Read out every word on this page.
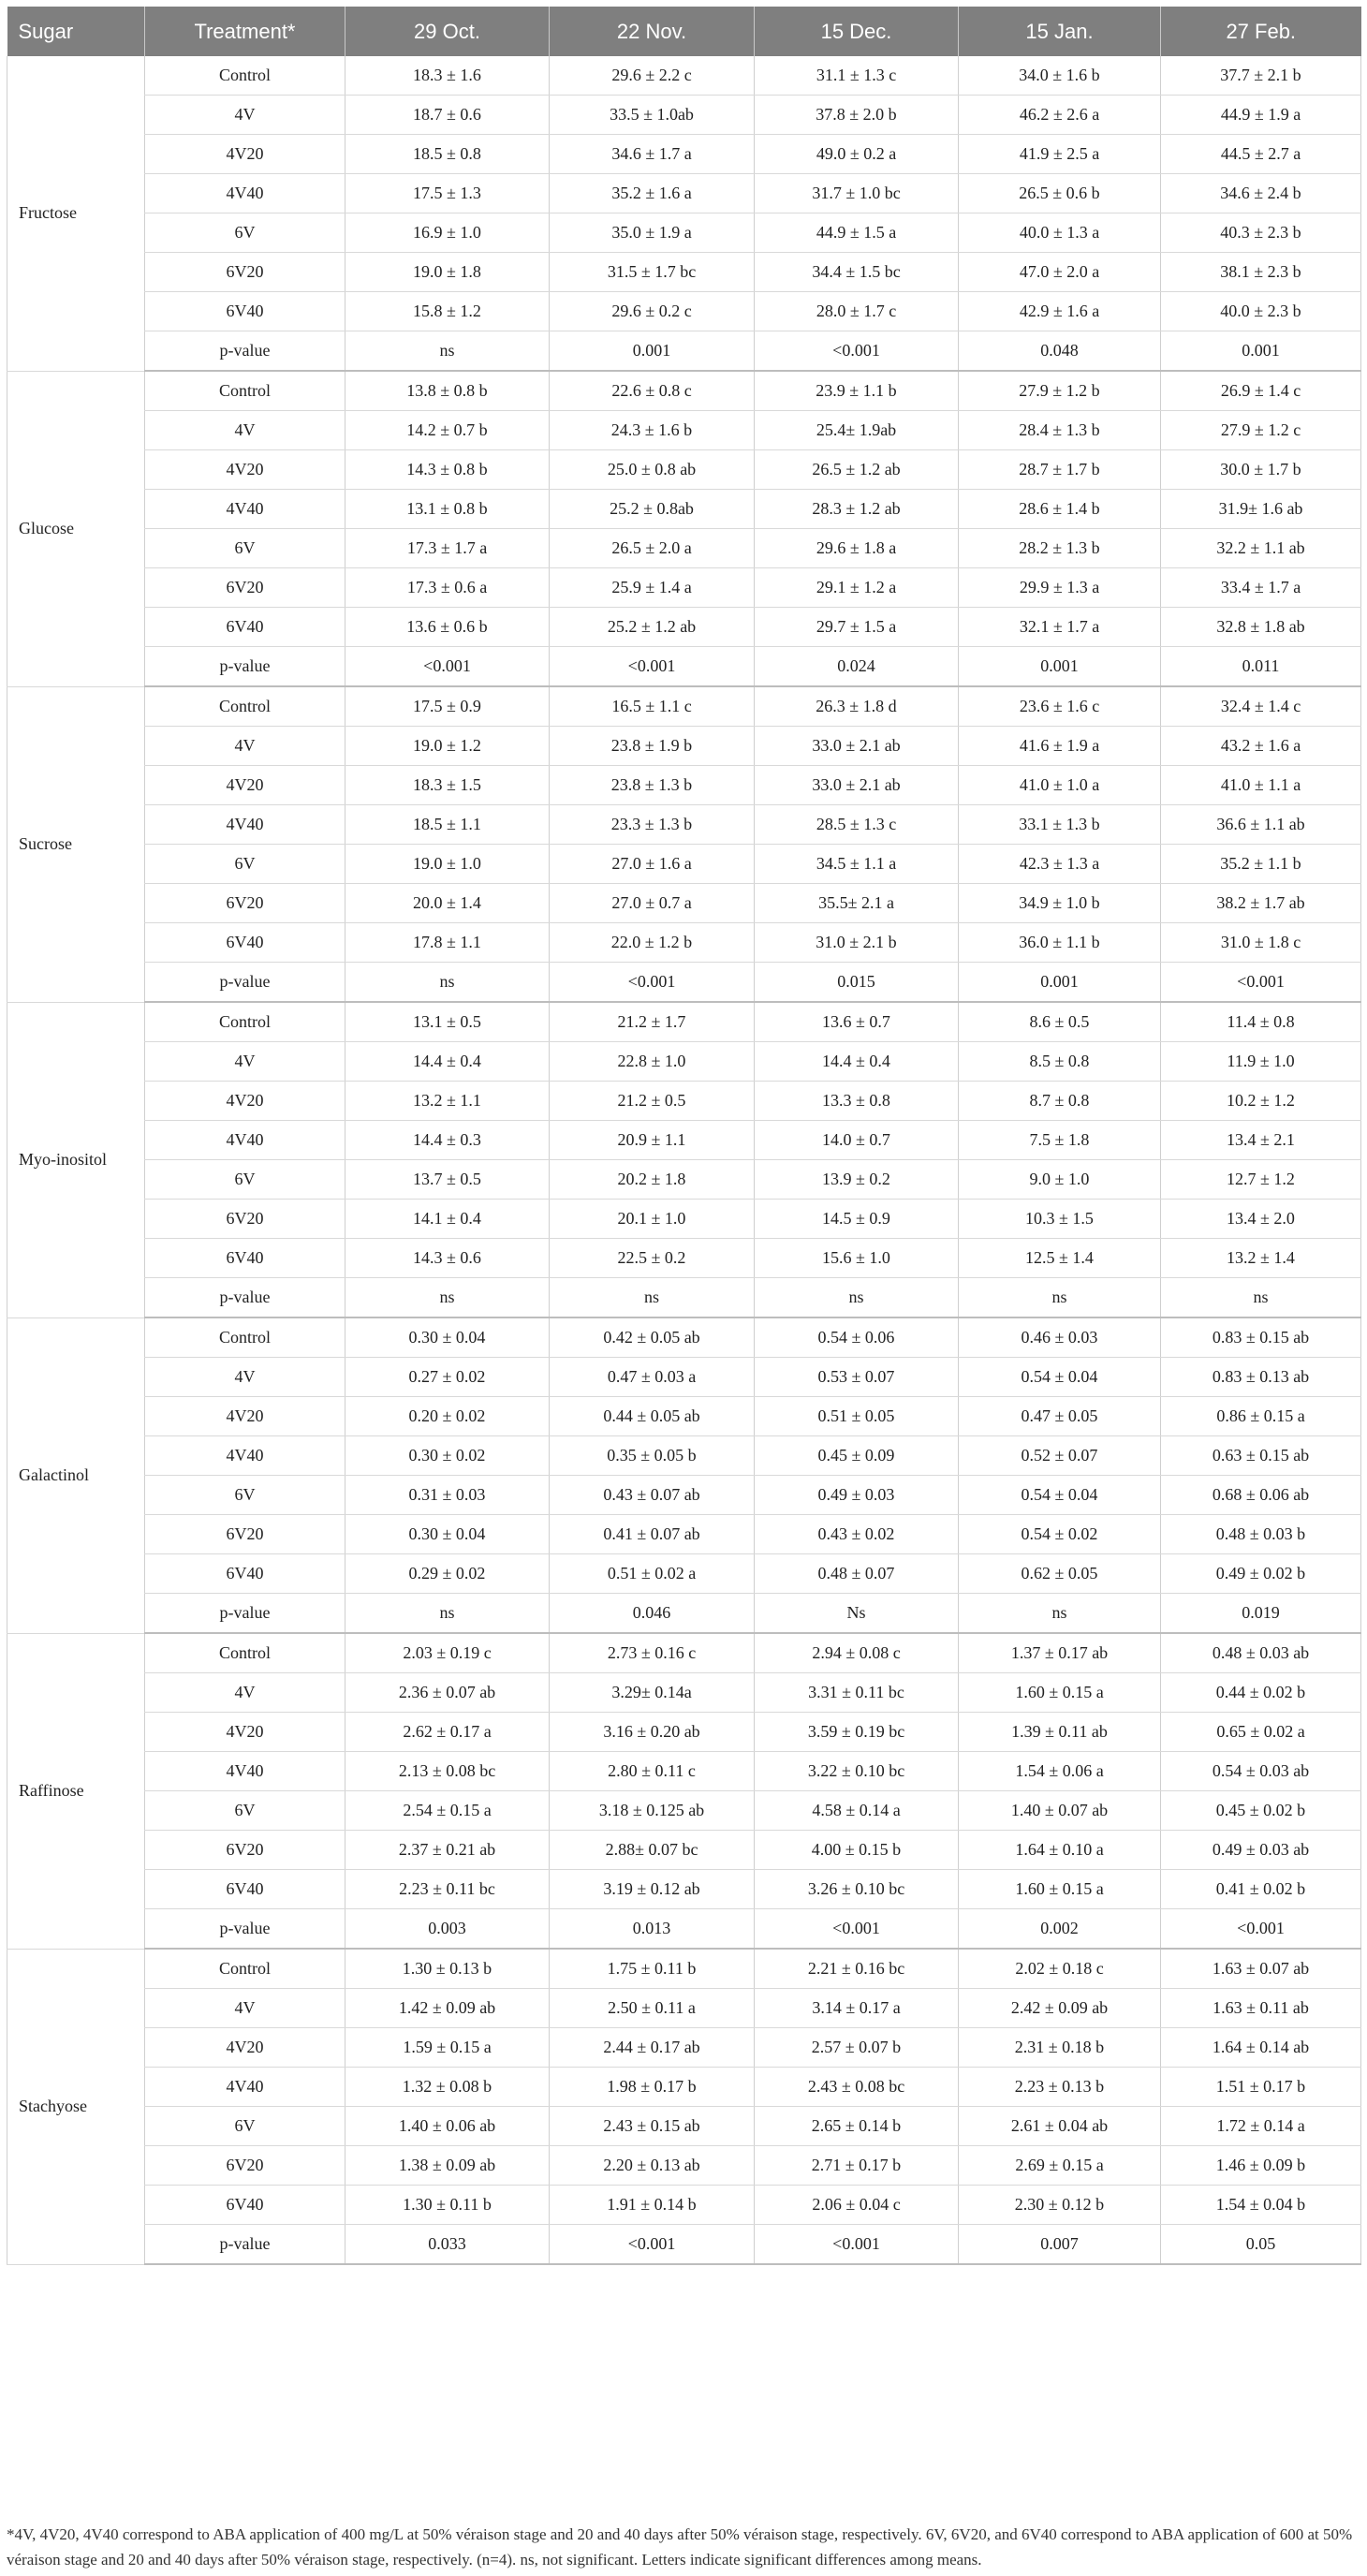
Sugar	Treatment*	29 Oct.	22 Nov.	15 Dec.	15 Jan.	27 Feb.
Fructose	Control	18.3 ± 1.6	29.6 ± 2.2 c	31.1 ± 1.3 c	34.0 ± 1.6 b	37.7 ± 2.1 b
	4V	18.7 ± 0.6	33.5 ± 1.0ab	37.8 ± 2.0 b	46.2 ± 2.6 a	44.9 ± 1.9 a
	4V20	18.5 ± 0.8	34.6 ± 1.7 a	49.0 ± 0.2 a	41.9 ± 2.5 a	44.5 ± 2.7 a
	4V40	17.5 ± 1.3	35.2 ± 1.6 a	31.7 ± 1.0 bc	26.5 ± 0.6 b	34.6 ± 2.4 b
	6V	16.9 ± 1.0	35.0 ± 1.9 a	44.9 ± 1.5 a	40.0 ± 1.3 a	40.3 ± 2.3 b
	6V20	19.0 ± 1.8	31.5 ± 1.7 bc	34.4 ± 1.5 bc	47.0 ± 2.0 a	38.1 ± 2.3 b
	6V40	15.8 ± 1.2	29.6 ± 0.2 c	28.0 ± 1.7 c	42.9 ± 1.6 a	40.0 ± 2.3 b
	p-value	ns	0.001	<0.001	0.048	0.001
Glucose	Control	13.8 ± 0.8 b	22.6 ± 0.8 c	23.9 ± 1.1 b	27.9 ± 1.2 b	26.9 ± 1.4 c
	4V	14.2 ± 0.7 b	24.3 ± 1.6 b	25.4± 1.9ab	28.4 ± 1.3 b	27.9 ± 1.2 c
	4V20	14.3 ± 0.8 b	25.0 ± 0.8 ab	26.5 ± 1.2 ab	28.7 ± 1.7 b	30.0 ± 1.7 b
	4V40	13.1 ± 0.8 b	25.2 ± 0.8ab	28.3 ± 1.2 ab	28.6 ± 1.4 b	31.9± 1.6 ab
	6V	17.3 ± 1.7 a	26.5 ± 2.0 a	29.6 ± 1.8 a	28.2 ± 1.3 b	32.2 ± 1.1 ab
	6V20	17.3 ± 0.6 a	25.9 ± 1.4 a	29.1 ± 1.2 a	29.9 ± 1.3 a	33.4 ± 1.7 a
	6V40	13.6 ± 0.6 b	25.2 ± 1.2 ab	29.7 ± 1.5 a	32.1 ± 1.7 a	32.8 ± 1.8 ab
	p-value	<0.001	<0.001	0.024	0.001	0.011
Sucrose	Control	17.5 ± 0.9	16.5 ± 1.1 c	26.3 ± 1.8 d	23.6 ± 1.6 c	32.4 ± 1.4 c
	4V	19.0 ± 1.2	23.8 ± 1.9 b	33.0 ± 2.1 ab	41.6 ± 1.9 a	43.2 ± 1.6 a
	4V20	18.3 ± 1.5	23.8 ± 1.3 b	33.0 ± 2.1 ab	41.0 ± 1.0 a	41.0 ± 1.1 a
	4V40	18.5 ± 1.1	23.3 ± 1.3 b	28.5 ± 1.3 c	33.1 ± 1.3 b	36.6 ± 1.1 ab
	6V	19.0 ± 1.0	27.0 ± 1.6 a	34.5 ± 1.1 a	42.3 ± 1.3 a	35.2 ± 1.1 b
	6V20	20.0 ± 1.4	27.0 ± 0.7 a	35.5± 2.1 a	34.9 ± 1.0 b	38.2 ± 1.7 ab
	6V40	17.8 ± 1.1	22.0 ± 1.2 b	31.0 ± 2.1 b	36.0 ± 1.1 b	31.0 ± 1.8 c
	p-value	ns	<0.001	0.015	0.001	<0.001
Myo-inositol	Control	13.1 ± 0.5	21.2 ± 1.7	13.6 ± 0.7	8.6 ± 0.5	11.4 ± 0.8
	4V	14.4 ± 0.4	22.8 ± 1.0	14.4 ± 0.4	8.5 ± 0.8	11.9 ± 1.0
	4V20	13.2 ± 1.1	21.2 ± 0.5	13.3 ± 0.8	8.7 ± 0.8	10.2 ± 1.2
	4V40	14.4 ± 0.3	20.9 ± 1.1	14.0 ± 0.7	7.5 ± 1.8	13.4 ± 2.1
	6V	13.7 ± 0.5	20.2 ± 1.8	13.9 ± 0.2	9.0 ± 1.0	12.7 ± 1.2
	6V20	14.1 ± 0.4	20.1 ± 1.0	14.5 ± 0.9	10.3 ± 1.5	13.4 ± 2.0
	6V40	14.3 ± 0.6	22.5 ± 0.2	15.6 ± 1.0	12.5 ± 1.4	13.2 ± 1.4
	p-value	ns	ns	ns	ns	ns
Galactinol	Control	0.30 ± 0.04	0.42 ± 0.05 ab	0.54 ± 0.06	0.46 ± 0.03	0.83 ± 0.15 ab
	4V	0.27 ± 0.02	0.47 ± 0.03 a	0.53 ± 0.07	0.54 ± 0.04	0.83 ± 0.13 ab
	4V20	0.20 ± 0.02	0.44 ± 0.05 ab	0.51 ± 0.05	0.47 ± 0.05	0.86 ± 0.15 a
	4V40	0.30 ± 0.02	0.35 ± 0.05 b	0.45 ± 0.09	0.52 ± 0.07	0.63 ± 0.15 ab
	6V	0.31 ± 0.03	0.43 ± 0.07 ab	0.49 ± 0.03	0.54 ± 0.04	0.68 ± 0.06 ab
	6V20	0.30 ± 0.04	0.41 ± 0.07 ab	0.43 ± 0.02	0.54 ± 0.02	0.48 ± 0.03 b
	6V40	0.29 ± 0.02	0.51 ± 0.02 a	0.48 ± 0.07	0.62 ± 0.05	0.49 ± 0.02 b
	p-value	ns	0.046	Ns	ns	0.019
Raffinose	Control	2.03 ± 0.19 c	2.73 ± 0.16 c	2.94 ± 0.08 c	1.37 ± 0.17 ab	0.48 ± 0.03 ab
	4V	2.36 ± 0.07 ab	3.29± 0.14a	3.31 ± 0.11 bc	1.60 ± 0.15 a	0.44 ± 0.02 b
	4V20	2.62 ± 0.17 a	3.16 ± 0.20 ab	3.59 ± 0.19 bc	1.39 ± 0.11 ab	0.65 ± 0.02 a
	4V40	2.13 ± 0.08 bc	2.80 ± 0.11 c	3.22 ± 0.10 bc	1.54 ± 0.06 a	0.54 ± 0.03 ab
	6V	2.54 ± 0.15 a	3.18 ± 0.125 ab	4.58 ± 0.14 a	1.40 ± 0.07 ab	0.45 ± 0.02 b
	6V20	2.37 ± 0.21 ab	2.88± 0.07 bc	4.00 ± 0.15 b	1.64 ± 0.10 a	0.49 ± 0.03 ab
	6V40	2.23 ± 0.11 bc	3.19 ± 0.12 ab	3.26 ± 0.10 bc	1.60 ± 0.15 a	0.41 ± 0.02 b
	p-value	0.003	0.013	<0.001	0.002	<0.001
Stachyose	Control	1.30 ± 0.13 b	1.75 ± 0.11 b	2.21 ± 0.16 bc	2.02 ± 0.18 c	1.63 ± 0.07 ab
	4V	1.42 ± 0.09 ab	2.50 ± 0.11 a	3.14 ± 0.17 a	2.42 ± 0.09 ab	1.63 ± 0.11 ab
	4V20	1.59 ± 0.15 a	2.44 ± 0.17 ab	2.57 ± 0.07 b	2.31 ± 0.18 b	1.64 ± 0.14 ab
	4V40	1.32 ± 0.08 b	1.98 ± 0.17 b	2.43 ± 0.08 bc	2.23 ± 0.13 b	1.51 ± 0.17 b
	6V	1.40 ± 0.06 ab	2.43 ± 0.15 ab	2.65 ± 0.14 b	2.61 ± 0.04 ab	1.72 ± 0.14 a
	6V20	1.38 ± 0.09 ab	2.20 ± 0.13 ab	2.71 ± 0.17 b	2.69 ± 0.15 a	1.46 ± 0.09 b
	6V40	1.30 ± 0.11 b	1.91 ± 0.14 b	2.06 ± 0.04 c	2.30 ± 0.12 b	1.54 ± 0.04 b
	p-value	0.033	<0.001	<0.001	0.007	0.05
*4V, 4V20, 4V40 correspond to ABA application of 400 mg/L at 50% véraison stage and 20 and 40 days after 50% véraison stage, respectively. 6V, 6V20, and 6V40 correspond to ABA application of 600 at 50% véraison stage and 20 and 40 days after 50% véraison stage, respectively. (n=4). ns, not significant. Letters indicate significant differences among means.
